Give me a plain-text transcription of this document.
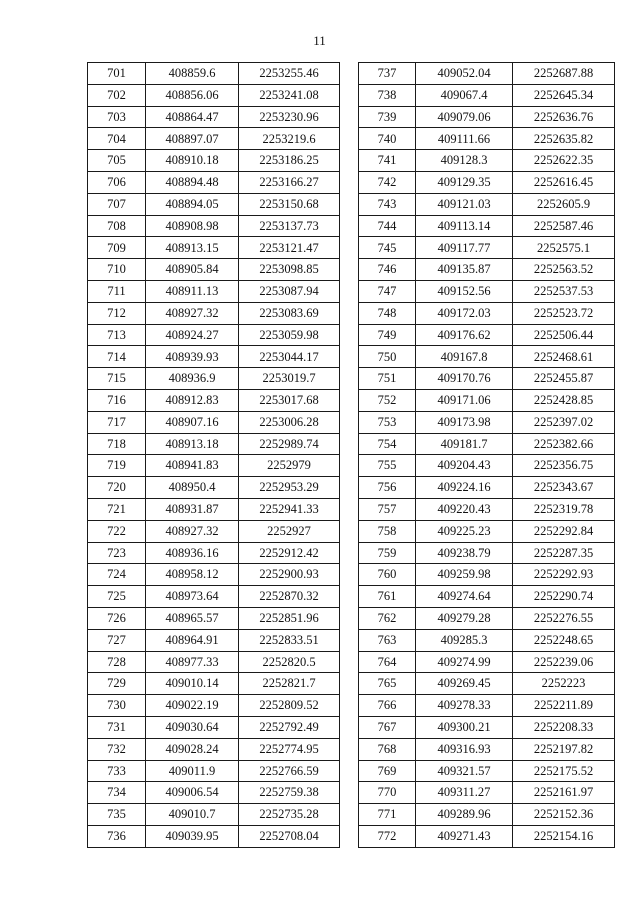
11
701	408859.6	2253255.46
702	408856.06	2253241.08
703	408864.47	2253230.96
704	408897.07	2253219.6
705	408910.18	2253186.25
706	408894.48	2253166.27
707	408894.05	2253150.68
708	408908.98	2253137.73
709	408913.15	2253121.47
710	408905.84	2253098.85
711	408911.13	2253087.94
712	408927.32	2253083.69
713	408924.27	2253059.98
714	408939.93	2253044.17
715	408936.9	2253019.7
716	408912.83	2253017.68
717	408907.16	2253006.28
718	408913.18	2252989.74
719	408941.83	2252979
720	408950.4	2252953.29
721	408931.87	2252941.33
722	408927.32	2252927
723	408936.16	2252912.42
724	408958.12	2252900.93
725	408973.64	2252870.32
726	408965.57	2252851.96
727	408964.91	2252833.51
728	408977.33	2252820.5
729	409010.14	2252821.7
730	409022.19	2252809.52
731	409030.64	2252792.49
732	409028.24	2252774.95
733	409011.9	2252766.59
734	409006.54	2252759.38
735	409010.7	2252735.28
736	409039.95	2252708.04
737	409052.04	2252687.88
738	409067.4	2252645.34
739	409079.06	2252636.76
740	409111.66	2252635.82
741	409128.3	2252622.35
742	409129.35	2252616.45
743	409121.03	2252605.9
744	409113.14	2252587.46
745	409117.77	2252575.1
746	409135.87	2252563.52
747	409152.56	2252537.53
748	409172.03	2252523.72
749	409176.62	2252506.44
750	409167.8	2252468.61
751	409170.76	2252455.87
752	409171.06	2252428.85
753	409173.98	2252397.02
754	409181.7	2252382.66
755	409204.43	2252356.75
756	409224.16	2252343.67
757	409220.43	2252319.78
758	409225.23	2252292.84
759	409238.79	2252287.35
760	409259.98	2252292.93
761	409274.64	2252290.74
762	409279.28	2252276.55
763	409285.3	2252248.65
764	409274.99	2252239.06
765	409269.45	2252223
766	409278.33	2252211.89
767	409300.21	2252208.33
768	409316.93	2252197.82
769	409321.57	2252175.52
770	409311.27	2252161.97
771	409289.96	2252152.36
772	409271.43	2252154.16
